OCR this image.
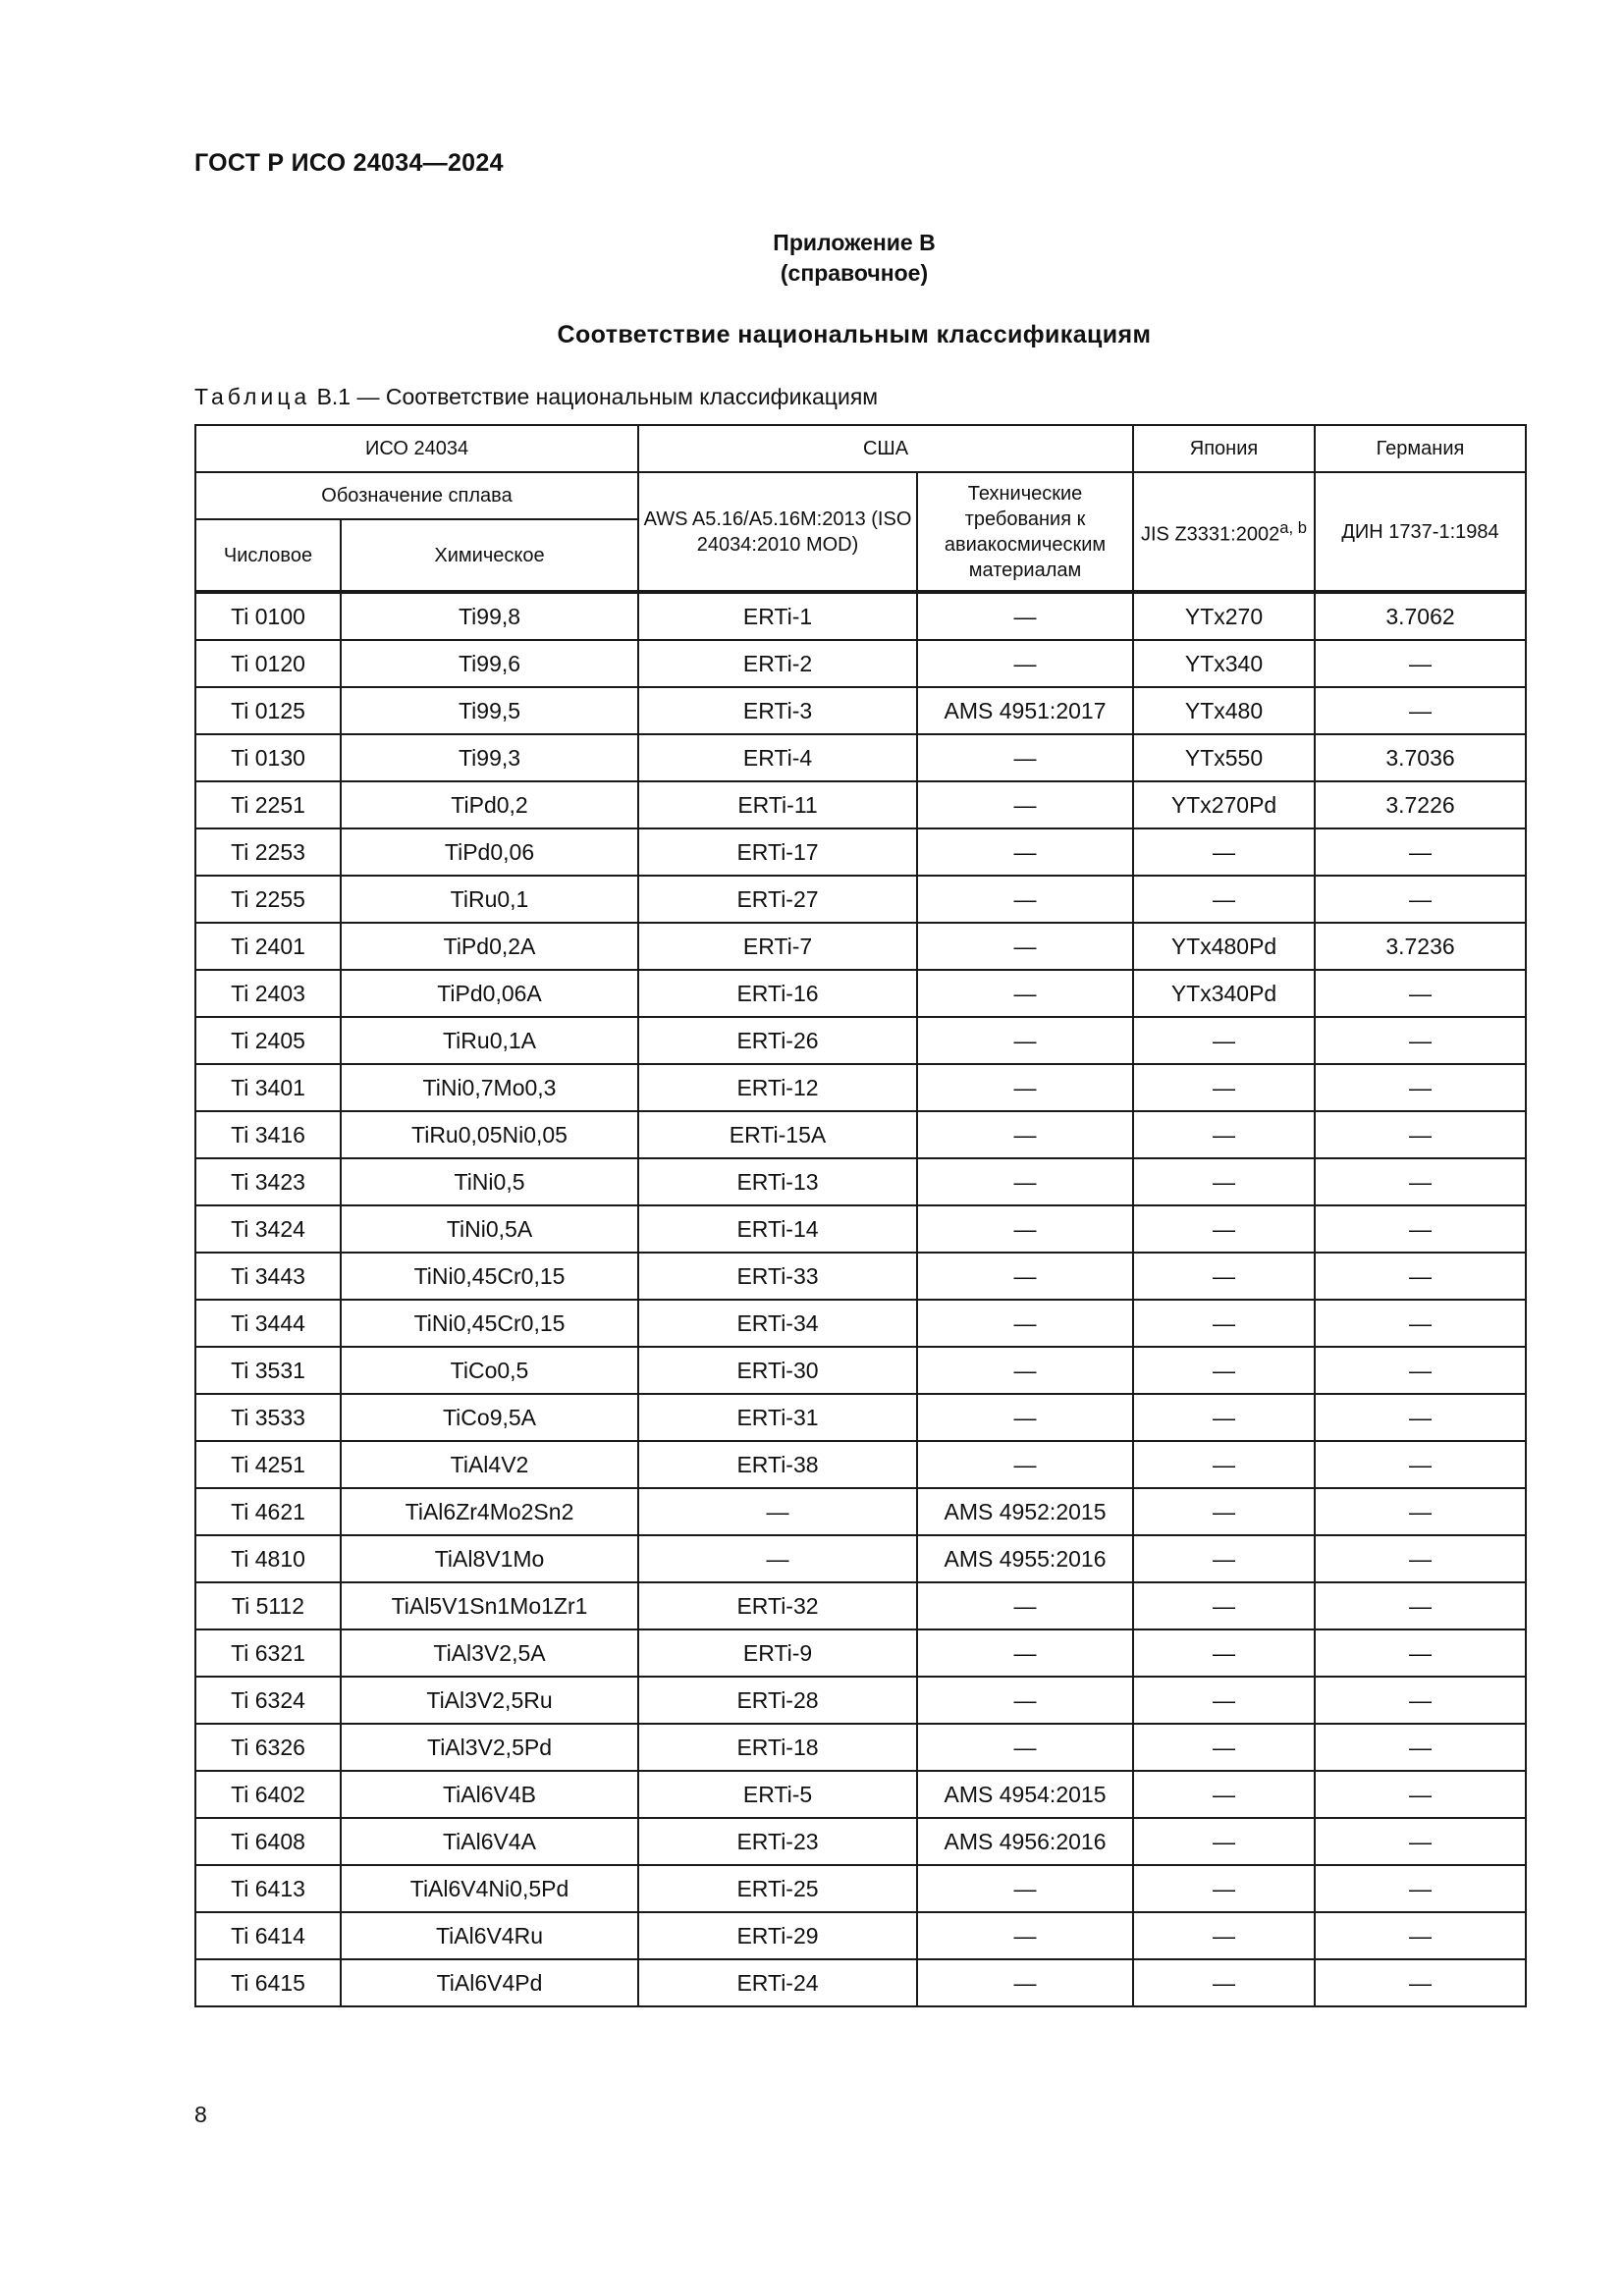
ГОСТ Р ИСО 24034—2024
Приложение В
(справочное)
Соответствие национальным классификациям
Таблица В.1 — Соответствие национальным классификациям
ИСО 24034		США		Япония	Германия
Обозначение сплава		AWS A5.16/A5.16M:2013 (ISO 24034:2010 MOD)	Технические требования к авиакосмическим материалам	JIS Z3331:2002$^{a, b}$	ДИН 1737-1:1984
Числовое	Химическое				
Ti 0100	Ti99,8	ERTi-1	—	YTx270	3.7062
Ti 0120	Ti99,6	ERTi-2	—	YTx340	—
Ti 0125	Ti99,5	ERTi-3	AMS 4951:2017	YTx480	—
Ti 0130	Ti99,3	ERTi-4	—	YTx550	3.7036
Ti 2251	TiPd0,2	ERTi-11	—	YTx270Pd	3.7226
Ti 2253	TiPd0,06	ERTi-17	—	—	—
Ti 2255	TiRu0,1	ERTi-27	—	—	—
Ti 2401	TiPd0,2A	ERTi-7	—	YTx480Pd	3.7236
Ti 2403	TiPd0,06A	ERTi-16	—	YTx340Pd	—
Ti 2405	TiRu0,1A	ERTi-26	—	—	—
Ti 3401	TiNi0,7Mo0,3	ERTi-12	—	—	—
Ti 3416	TiRu0,05Ni0,05	ERTi-15A	—	—	—
Ti 3423	TiNi0,5	ERTi-13	—	—	—
Ti 3424	TiNi0,5A	ERTi-14	—	—	—
Ti 3443	TiNi0,45Cr0,15	ERTi-33	—	—	—
Ti 3444	TiNi0,45Cr0,15	ERTi-34	—	—	—
Ti 3531	TiCo0,5	ERTi-30	—	—	—
Ti 3533	TiCo9,5A	ERTi-31	—	—	—
Ti 4251	TiAl4V2	ERTi-38	—	—	—
Ti 4621	TiAl6Zr4Mo2Sn2	—	AMS 4952:2015	—	—
Ti 4810	TiAl8V1Mo	—	AMS 4955:2016	—	—
Ti 5112	TiAl5V1Sn1Mo1Zr1	ERTi-32	—	—	—
Ti 6321	TiAl3V2,5A	ERTi-9	—	—	—
Ti 6324	TiAl3V2,5Ru	ERTi-28	—	—	—
Ti 6326	TiAl3V2,5Pd	ERTi-18	—	—	—
Ti 6402	TiAl6V4B	ERTi-5	AMS 4954:2015	—	—
Ti 6408	TiAl6V4A	ERTi-23	AMS 4956:2016	—	—
Ti 6413	TiAl6V4Ni0,5Pd	ERTi-25	—	—	—
Ti 6414	TiAl6V4Ru	ERTi-29	—	—	—
Ti 6415	TiAl6V4Pd	ERTi-24	—	—	—
8
